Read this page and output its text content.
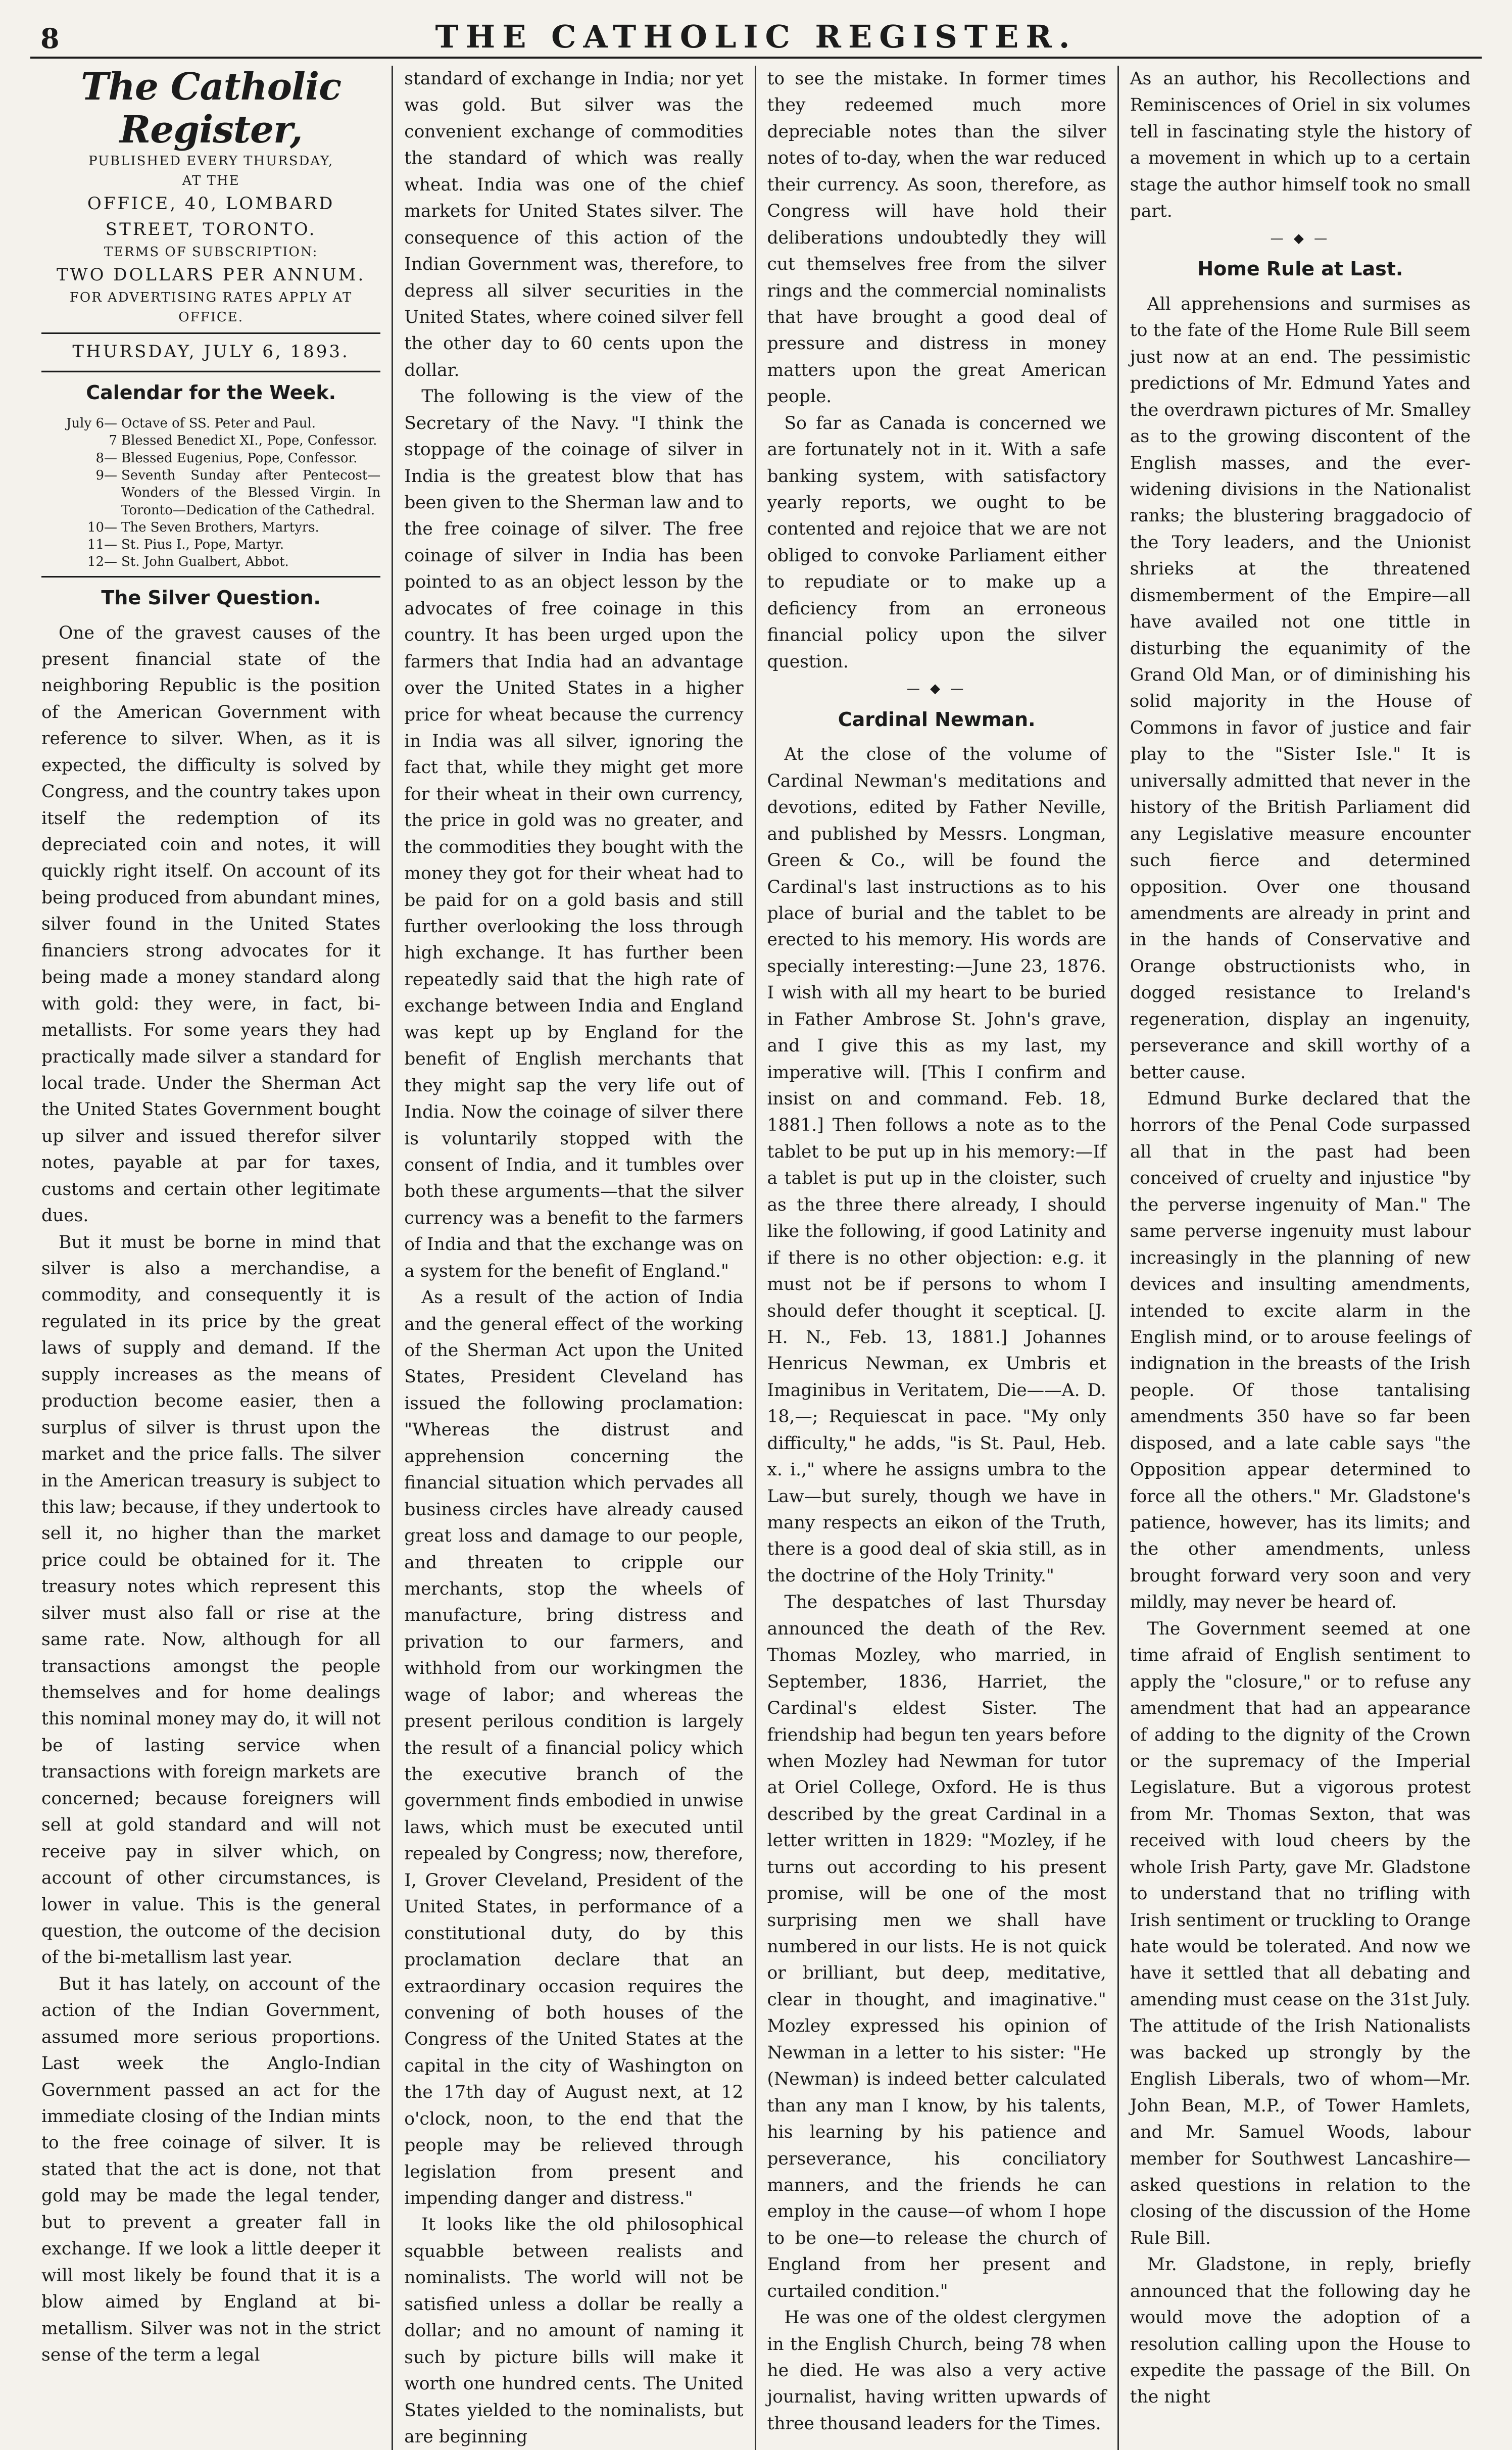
8	THE CATHOLIC REGISTER.
The Catholic Register,
PUBLISHED EVERY THURSDAY,
AT THE
OFFICE, 40, LOMBARD STREET, TORONTO.
TERMS OF SUBSCRIPTION:
TWO DOLLARS PER ANNUM.
FOR ADVERTISING RATES APPLY AT OFFICE.
THURSDAY, JULY 6, 1893.
Calendar for the Week.
July 6— Octave of SS. Peter and Paul.
7 Blessed Benedict XI., Pope, Confessor.
8— Blessed Eugenius, Pope, Confessor.
9— Seventh Sunday after Pentecost—Wonders of the Blessed Virgin. In Toronto—Dedication of the Cathedral.
10— The Seven Brothers, Martyrs.
11— St. Pius I., Pope, Martyr.
12— St. John Gualbert, Abbot.
The Silver Question.

One of the gravest causes of the present financial state of the neighboring Republic is the position of the American Government with reference to silver. When, as it is expected, the difficulty is solved by Congress, and the country takes upon itself the redemption of its depreciated coin and notes, it will quickly right itself. On account of its being produced from abundant mines, silver found in the United States financiers strong advocates for it being made a money standard along with gold: they were, in fact, bi-metallists. For some years they had practically made silver a standard for local trade. Under the Sherman Act the United States Government bought up silver and issued therefor silver notes, payable at par for taxes, customs and certain other legitimate dues.

But it must be borne in mind that silver is also a merchandise, a commodity, and consequently it is regulated in its price by the great laws of supply and demand. If the supply increases as the means of production become easier, then a surplus of silver is thrust upon the market and the price falls. The silver in the American treasury is subject to this law; because, if they undertook to sell it, no higher than the market price could be obtained for it. The treasury notes which represent this silver must also fall or rise at the same rate. Now, although for all transactions amongst the people themselves and for home dealings this nominal money may do, it will not be of lasting service when transactions with foreign markets are concerned; because foreigners will sell at gold standard and will not receive pay in silver which, on account of other circumstances, is lower in value. This is the general question, the outcome of the decision of the bi-metallism last year.

But it has lately, on account of the action of the Indian Government, assumed more serious proportions. Last week the Anglo-Indian Government passed an act for the immediate closing of the Indian mints to the free coinage of silver. It is stated that the act is done, not that gold may be made the legal tender, but to prevent a greater fall in exchange. If we look a little deeper it will most likely be found that it is a blow aimed by England at bi-metallism. Silver was not in the strict sense of the term a legal

standard of exchange in India; nor yet was gold. But silver was the convenient exchange of commodities the standard of which was really wheat. India was one of the chief markets for United States silver. The consequence of this action of the Indian Government was, therefore, to depress all silver securities in the United States, where coined silver fell the other day to 60 cents upon the dollar.

The following is the view of the Secretary of the Navy. "I think the stoppage of the coinage of silver in India is the greatest blow that has been given to the Sherman law and to the free coinage of silver. The free coinage of silver in India has been pointed to as an object lesson by the advocates of free coinage in this country. It has been urged upon the farmers that India had an advantage over the United States in a higher price for wheat because the currency in India was all silver, ignoring the fact that, while they might get more for their wheat in their own currency, the price in gold was no greater, and the commodities they bought with the money they got for their wheat had to be paid for on a gold basis and still further overlooking the loss through high exchange. It has further been repeatedly said that the high rate of exchange between India and England was kept up by England for the benefit of English merchants that they might sap the very life out of India. Now the coinage of silver there is voluntarily stopped with the consent of India, and it tumbles over both these arguments—that the silver currency was a benefit to the farmers of India and that the exchange was on a system for the benefit of England."

As a result of the action of India and the general effect of the working of the Sherman Act upon the United States, President Cleveland has issued the following proclamation: "Whereas the distrust and apprehension concerning the financial situation which pervades all business circles have already caused great loss and damage to our people, and threaten to cripple our merchants, stop the wheels of manufacture, bring distress and privation to our farmers, and withhold from our workingmen the wage of labor; and whereas the present perilous condition is largely the result of a financial policy which the executive branch of the government finds embodied in unwise laws, which must be executed until repealed by Congress; now, therefore, I, Grover Cleveland, President of the United States, in performance of a constitutional duty, do by this proclamation declare that an extraordinary occasion requires the convening of both houses of the Congress of the United States at the capital in the city of Washington on the 17th day of August next, at 12 o'clock, noon, to the end that the people may be relieved through legislation from present and impending danger and distress."

It looks like the old philosophical squabble between realists and nominalists. The world will not be satisfied unless a dollar be really a dollar; and no amount of naming it such by picture bills will make it worth one hundred cents. The United States yielded to the nominalists, but are beginning

to see the mistake. In former times they redeemed much more depreciable notes than the silver notes of to-day, when the war reduced their currency. As soon, therefore, as Congress will have hold their deliberations undoubtedly they will cut themselves free from the silver rings and the commercial nominalists that have brought a good deal of pressure and distress in money matters upon the great American people.

So far as Canada is concerned we are fortunately not in it. With a safe banking system, with satisfactory yearly reports, we ought to be contented and rejoice that we are not obliged to convoke Parliament either to repudiate or to make up a deficiency from an erroneous financial policy upon the silver question.

— ◆ —
Cardinal Newman.

At the close of the volume of Cardinal Newman's meditations and devotions, edited by Father Neville, and published by Messrs. Longman, Green & Co., will be found the Cardinal's last instructions as to his place of burial and the tablet to be erected to his memory. His words are specially interesting:—June 23, 1876. I wish with all my heart to be buried in Father Ambrose St. John's grave, and I give this as my last, my imperative will. [This I confirm and insist on and command. Feb. 18, 1881.] Then follows a note as to the tablet to be put up in his memory:—If a tablet is put up in the cloister, such as the three there already, I should like the following, if good Latinity and if there is no other objection: e.g. it must not be if persons to whom I should defer thought it sceptical. [J. H. N., Feb. 13, 1881.] Johannes Henricus Newman, ex Umbris et Imaginibus in Veritatem, Die——A. D. 18,—; Requiescat in pace. "My only difficulty," he adds, "is St. Paul, Heb. x. i.," where he assigns umbra to the Law—but surely, though we have in many respects an eikon of the Truth, there is a good deal of skia still, as in the doctrine of the Holy Trinity."

The despatches of last Thursday announced the death of the Rev. Thomas Mozley, who married, in September, 1836, Harriet, the Cardinal's eldest Sister. The friendship had begun ten years before when Mozley had Newman for tutor at Oriel College, Oxford. He is thus described by the great Cardinal in a letter written in 1829: "Mozley, if he turns out according to his present promise, will be one of the most surprising men we shall have numbered in our lists. He is not quick or brilliant, but deep, meditative, clear in thought, and imaginative." Mozley expressed his opinion of Newman in a letter to his sister: "He (Newman) is indeed better calculated than any man I know, by his talents, his learning by his patience and perseverance, his conciliatory manners, and the friends he can employ in the cause—of whom I hope to be one—to release the church of England from her present and curtailed condition."

He was one of the oldest clergymen in the English Church, being 78 when he died. He was also a very active journalist, having written upwards of three thousand leaders for the Times.

As an author, his Recollections and Reminiscences of Oriel in six volumes tell in fascinating style the history of a movement in which up to a certain stage the author himself took no small part.

— ◆ —
Home Rule at Last.

All apprehensions and surmises as to the fate of the Home Rule Bill seem just now at an end. The pessimistic predictions of Mr. Edmund Yates and the overdrawn pictures of Mr. Smalley as to the growing discontent of the English masses, and the ever-widening divisions in the Nationalist ranks; the blustering braggadocio of the Tory leaders, and the Unionist shrieks at the threatened dismemberment of the Empire—all have availed not one tittle in disturbing the equanimity of the Grand Old Man, or of diminishing his solid majority in the House of Commons in favor of justice and fair play to the "Sister Isle." It is universally admitted that never in the history of the British Parliament did any Legislative measure encounter such fierce and determined opposition. Over one thousand amendments are already in print and in the hands of Conservative and Orange obstructionists who, in dogged resistance to Ireland's regeneration, display an ingenuity, perseverance and skill worthy of a better cause.

Edmund Burke declared that the horrors of the Penal Code surpassed all that in the past had been conceived of cruelty and injustice "by the perverse ingenuity of Man." The same perverse ingenuity must labour increasingly in the planning of new devices and insulting amendments, intended to excite alarm in the English mind, or to arouse feelings of indignation in the breasts of the Irish people. Of those tantalising amendments 350 have so far been disposed, and a late cable says "the Opposition appear determined to force all the others." Mr. Gladstone's patience, however, has its limits; and the other amendments, unless brought forward very soon and very mildly, may never be heard of.

The Government seemed at one time afraid of English sentiment to apply the "closure," or to refuse any amendment that had an appearance of adding to the dignity of the Crown or the supremacy of the Imperial Legislature. But a vigorous protest from Mr. Thomas Sexton, that was received with loud cheers by the whole Irish Party, gave Mr. Gladstone to understand that no trifling with Irish sentiment or truckling to Orange hate would be tolerated. And now we have it settled that all debating and amending must cease on the 31st July. The attitude of the Irish Nationalists was backed up strongly by the English Liberals, two of whom—Mr. John Bean, M.P., of Tower Hamlets, and Mr. Samuel Woods, labour member for Southwest Lancashire—asked questions in relation to the closing of the discussion of the Home Rule Bill.

Mr. Gladstone, in reply, briefly announced that the following day he would move the adoption of a resolution calling upon the House to expedite the passage of the Bill. On the night
